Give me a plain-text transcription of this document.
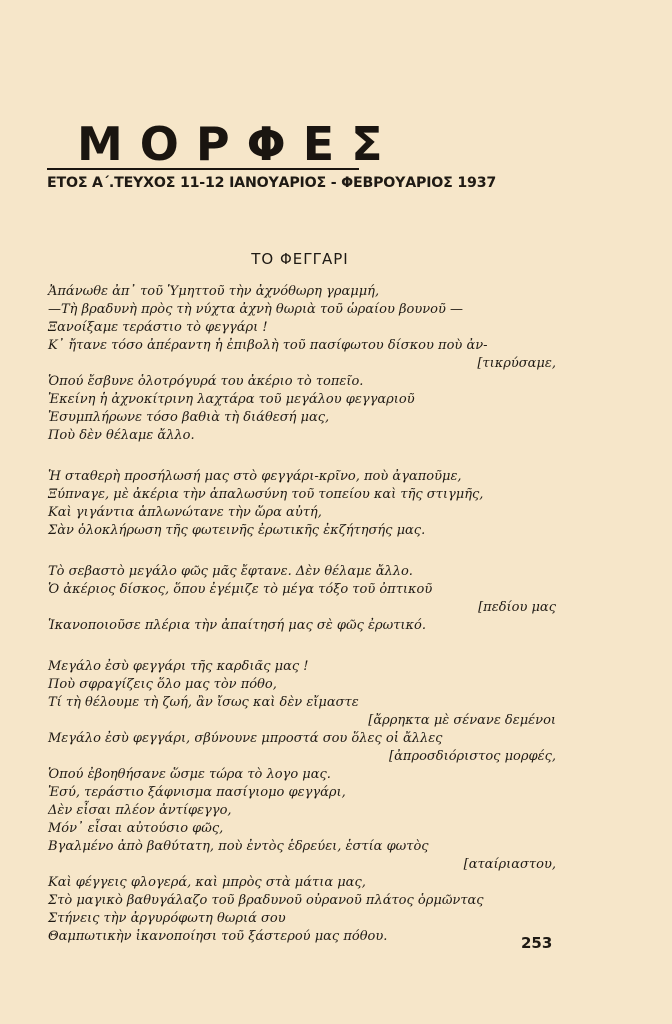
ΜΟΡΦΕΣ
ΕΤΟΣ Α΄.ΤΕΥΧΟΣ 11-12 ΙΑΝΟΥΑΡΙΟΣ - ΦΕΒΡΟΥΑΡΙΟΣ 1937
ΤΟ ΦΕΓΓΑΡΙ
Ἀπάνωθε ἀπ᾿ τοῦ Ὑμηττοῦ τὴν ἀχνόθωρη γραμμή,
—Τὴ βραδυνὴ πρὸς τὴ νύχτα ἀχνὴ θωριὰ τοῦ ὡραίου βουνοῦ —
Ξανοίξαμε τεράστιο τὸ φεγγάρι !
Κ᾿ ἤτανε τόσο ἀπέραντη ἡ ἐπιβολὴ τοῦ πασίφωτου δίσκου ποὺ ἀν-
[τικρύσαμε,
Ὁπού ἔσβυνε ὁλοτρόγυρά του ἀκέριο τὸ τοπεῖο.
Ἐκείνη ἡ ἀχνοκίτρινη λαχτάρα τοῦ μεγάλου φεγγαριοῦ
Ἐσυμπλήρωνε τόσο βαθιὰ τὴ διάθεσή μας,
Ποὺ δὲν θέλαμε ἄλλο.
Ἡ σταθερὴ προσήλωσή μας στὸ φεγγάρι-κρῖνο, ποὺ ἀγαποῦμε,
Ξύπναγε, μὲ ἀκέρια τὴν ἁπαλωσύνη τοῦ τοπείου καὶ τῆς στιγμῆς,
Καὶ γιγάντια ἁπλωνώτανε τὴν ὥρα αὐτή,
Σὰν ὁλοκλήρωση τῆς φωτεινῆς ἐρωτικῆς ἐκζήτησής μας.
Τὸ σεβαστὸ μεγάλο φῶς μᾶς ἔφτανε. Δὲν θέλαμε ἄλλο.
Ὁ ἀκέριος δίσκος, ὅπου ἐγέμιζε τὸ μέγα τόξο τοῦ ὀπτικοῦ
[πεδίου μας
Ἱκανοποιοῦσε πλέρια τὴν ἀπαίτησή μας σὲ φῶς ἐρωτικό.
Μεγάλο ἐσὺ φεγγάρι τῆς καρδιᾶς μας !
Ποὺ σφραγίζεις ὅλο μας τὸν πόθο,
Τί τὴ θέλουμε τὴ ζωή, ἂν ἴσως καὶ δὲν εἴμαστε
[ἄρρηκτα μὲ σένανε δεμένοι
Μεγάλο ἐσὺ φεγγάρι, σβύνουνε μπροστά σου ὅλες οἱ ἄλλες
[ἀπροσδιόριστος μορφές,
Ὁπού ἐβοηθήσανε ὥσμε τώρα τὸ λογο μας.
Ἐσύ, τεράστιο ξάφνισμα πασίγιομο φεγγάρι,
Δὲν εἶσαι πλέον ἀντίφεγγο,
Μόν᾿ εἶσαι αὐτούσιο φῶς,
Βγαλμένο ἀπὸ βαθύτατη, ποὺ ἐντὸς ἑδρεύει, ἑστία φωτὸς
[αταίριαστου,
Καὶ φέγγεις φλογερά, καὶ μπρὸς στὰ μάτια μας,
Στὸ μαγικὸ βαθυγάλαζο τοῦ βραδυνοῦ οὐρανοῦ πλάτος ὁρμῶντας
Στήνεις τὴν ἀργυρόφωτη θωριά σου
Θαμπωτικὴν ἱκανοποίησι τοῦ ξάστερού μας πόθου.	253
